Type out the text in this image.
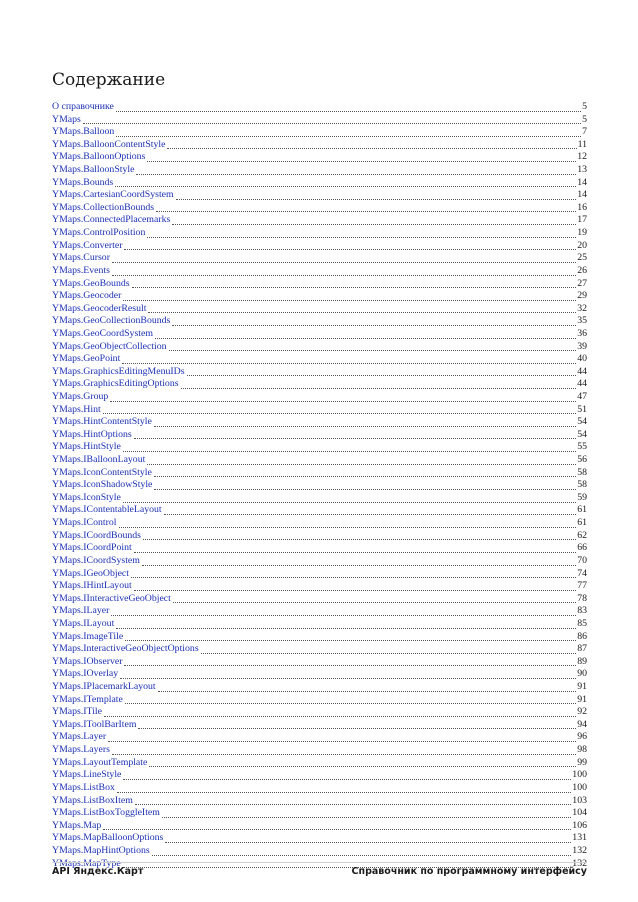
Содержание
О справочнике	5
YMaps	5
YMaps.Balloon	7
YMaps.BalloonContentStyle	11
YMaps.BalloonOptions	12
YMaps.BalloonStyle	13
YMaps.Bounds	14
YMaps.CartesianCoordSystem	14
YMaps.CollectionBounds	16
YMaps.ConnectedPlacemarks	17
YMaps.ControlPosition	19
YMaps.Converter	20
YMaps.Cursor	25
YMaps.Events	26
YMaps.GeoBounds	27
YMaps.Geocoder	29
YMaps.GeocoderResult	32
YMaps.GeoCollectionBounds	35
YMaps.GeoCoordSystem	36
YMaps.GeoObjectCollection	39
YMaps.GeoPoint	40
YMaps.GraphicsEditingMenuIDs	44
YMaps.GraphicsEditingOptions	44
YMaps.Group	47
YMaps.Hint	51
YMaps.HintContentStyle	54
YMaps.HintOptions	54
YMaps.HintStyle	55
YMaps.IBalloonLayout	56
YMaps.IconContentStyle	58
YMaps.IconShadowStyle	58
YMaps.IconStyle	59
YMaps.IContentableLayout	61
YMaps.IControl	61
YMaps.ICoordBounds	62
YMaps.ICoordPoint	66
YMaps.ICoordSystem	70
YMaps.IGeoObject	74
YMaps.IHintLayout	77
YMaps.IInteractiveGeoObject	78
YMaps.ILayer	83
YMaps.ILayout	85
YMaps.ImageTile	86
YMaps.InteractiveGeoObjectOptions	87
YMaps.IObserver	89
YMaps.IOverlay	90
YMaps.IPlacemarkLayout	91
YMaps.ITemplate	91
YMaps.ITile	92
YMaps.IToolBarItem	94
YMaps.Layer	96
YMaps.Layers	98
YMaps.LayoutTemplate	99
YMaps.LineStyle	100
YMaps.ListBox	100
YMaps.ListBoxItem	103
YMaps.ListBoxToggleItem	104
YMaps.Map	106
YMaps.MapBalloonOptions	131
YMaps.MapHintOptions	132
YMaps.MapType	132
API Яндекс.Карт	Справочник по программному интерфейсу
